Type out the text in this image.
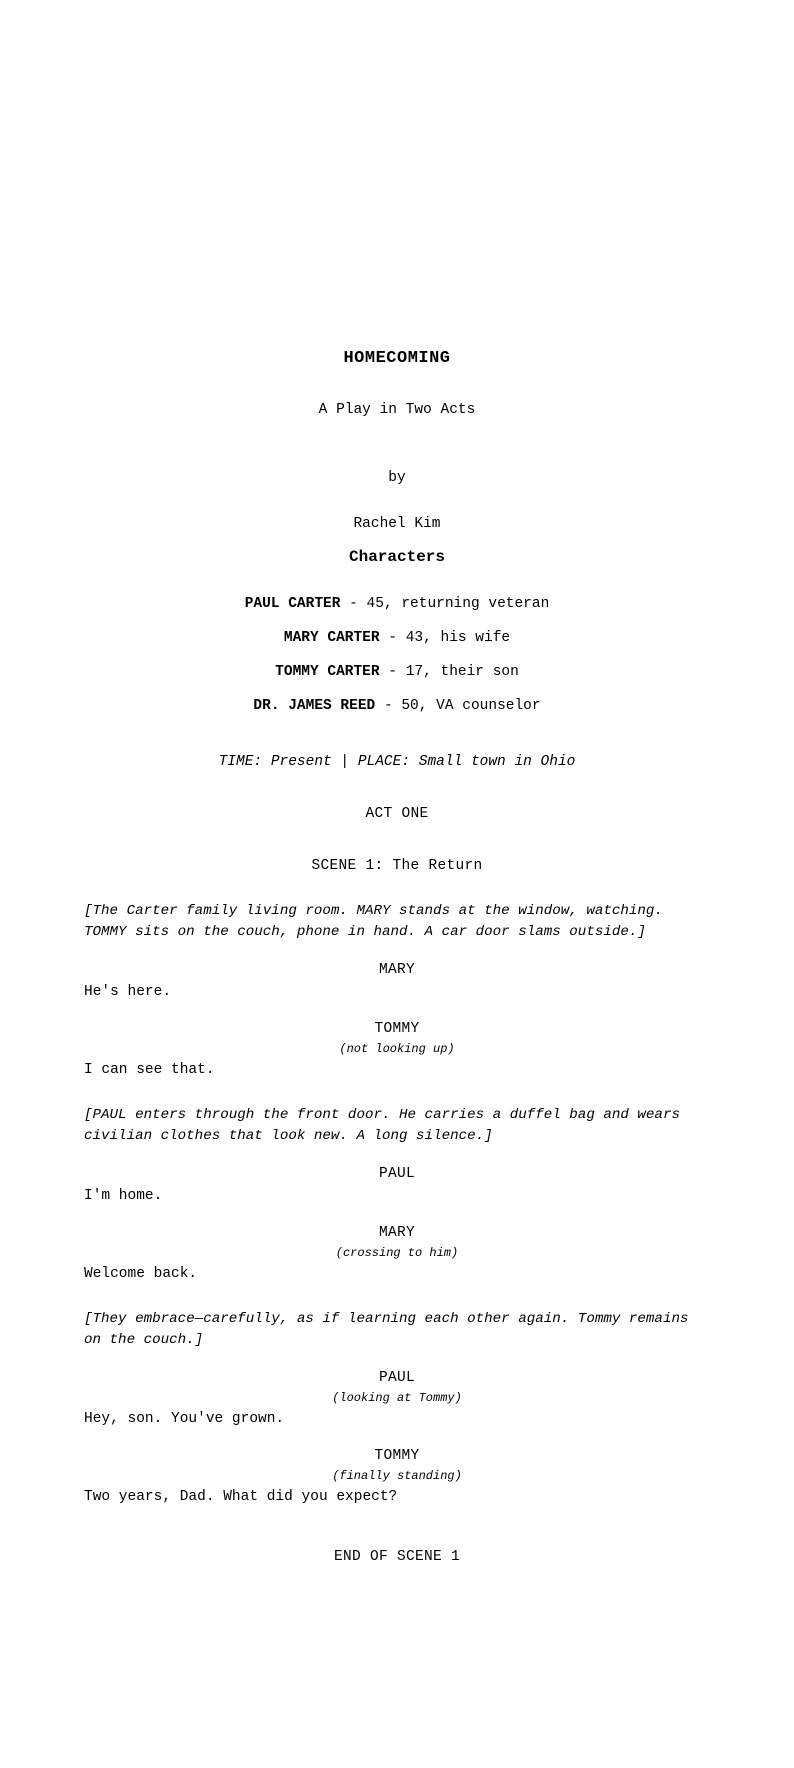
HOMECOMING
A Play in Two Acts
by
Rachel Kim
Characters
PAUL CARTER - 45, returning veteran
MARY CARTER - 43, his wife
TOMMY CARTER - 17, their son
DR. JAMES REED - 50, VA counselor
TIME: Present | PLACE: Small town in Ohio
ACT ONE
SCENE 1: The Return
[The Carter family living room. MARY stands at the window, watching. TOMMY sits on the couch, phone in hand. A car door slams outside.]
MARY
He's here.
TOMMY
(not looking up)
I can see that.
[PAUL enters through the front door. He carries a duffel bag and wears civilian clothes that look new. A long silence.]
PAUL
I'm home.
MARY
(crossing to him)
Welcome back.
[They embrace—carefully, as if learning each other again. Tommy remains on the couch.]
PAUL
(looking at Tommy)
Hey, son. You've grown.
TOMMY
(finally standing)
Two years, Dad. What did you expect?
END OF SCENE 1
